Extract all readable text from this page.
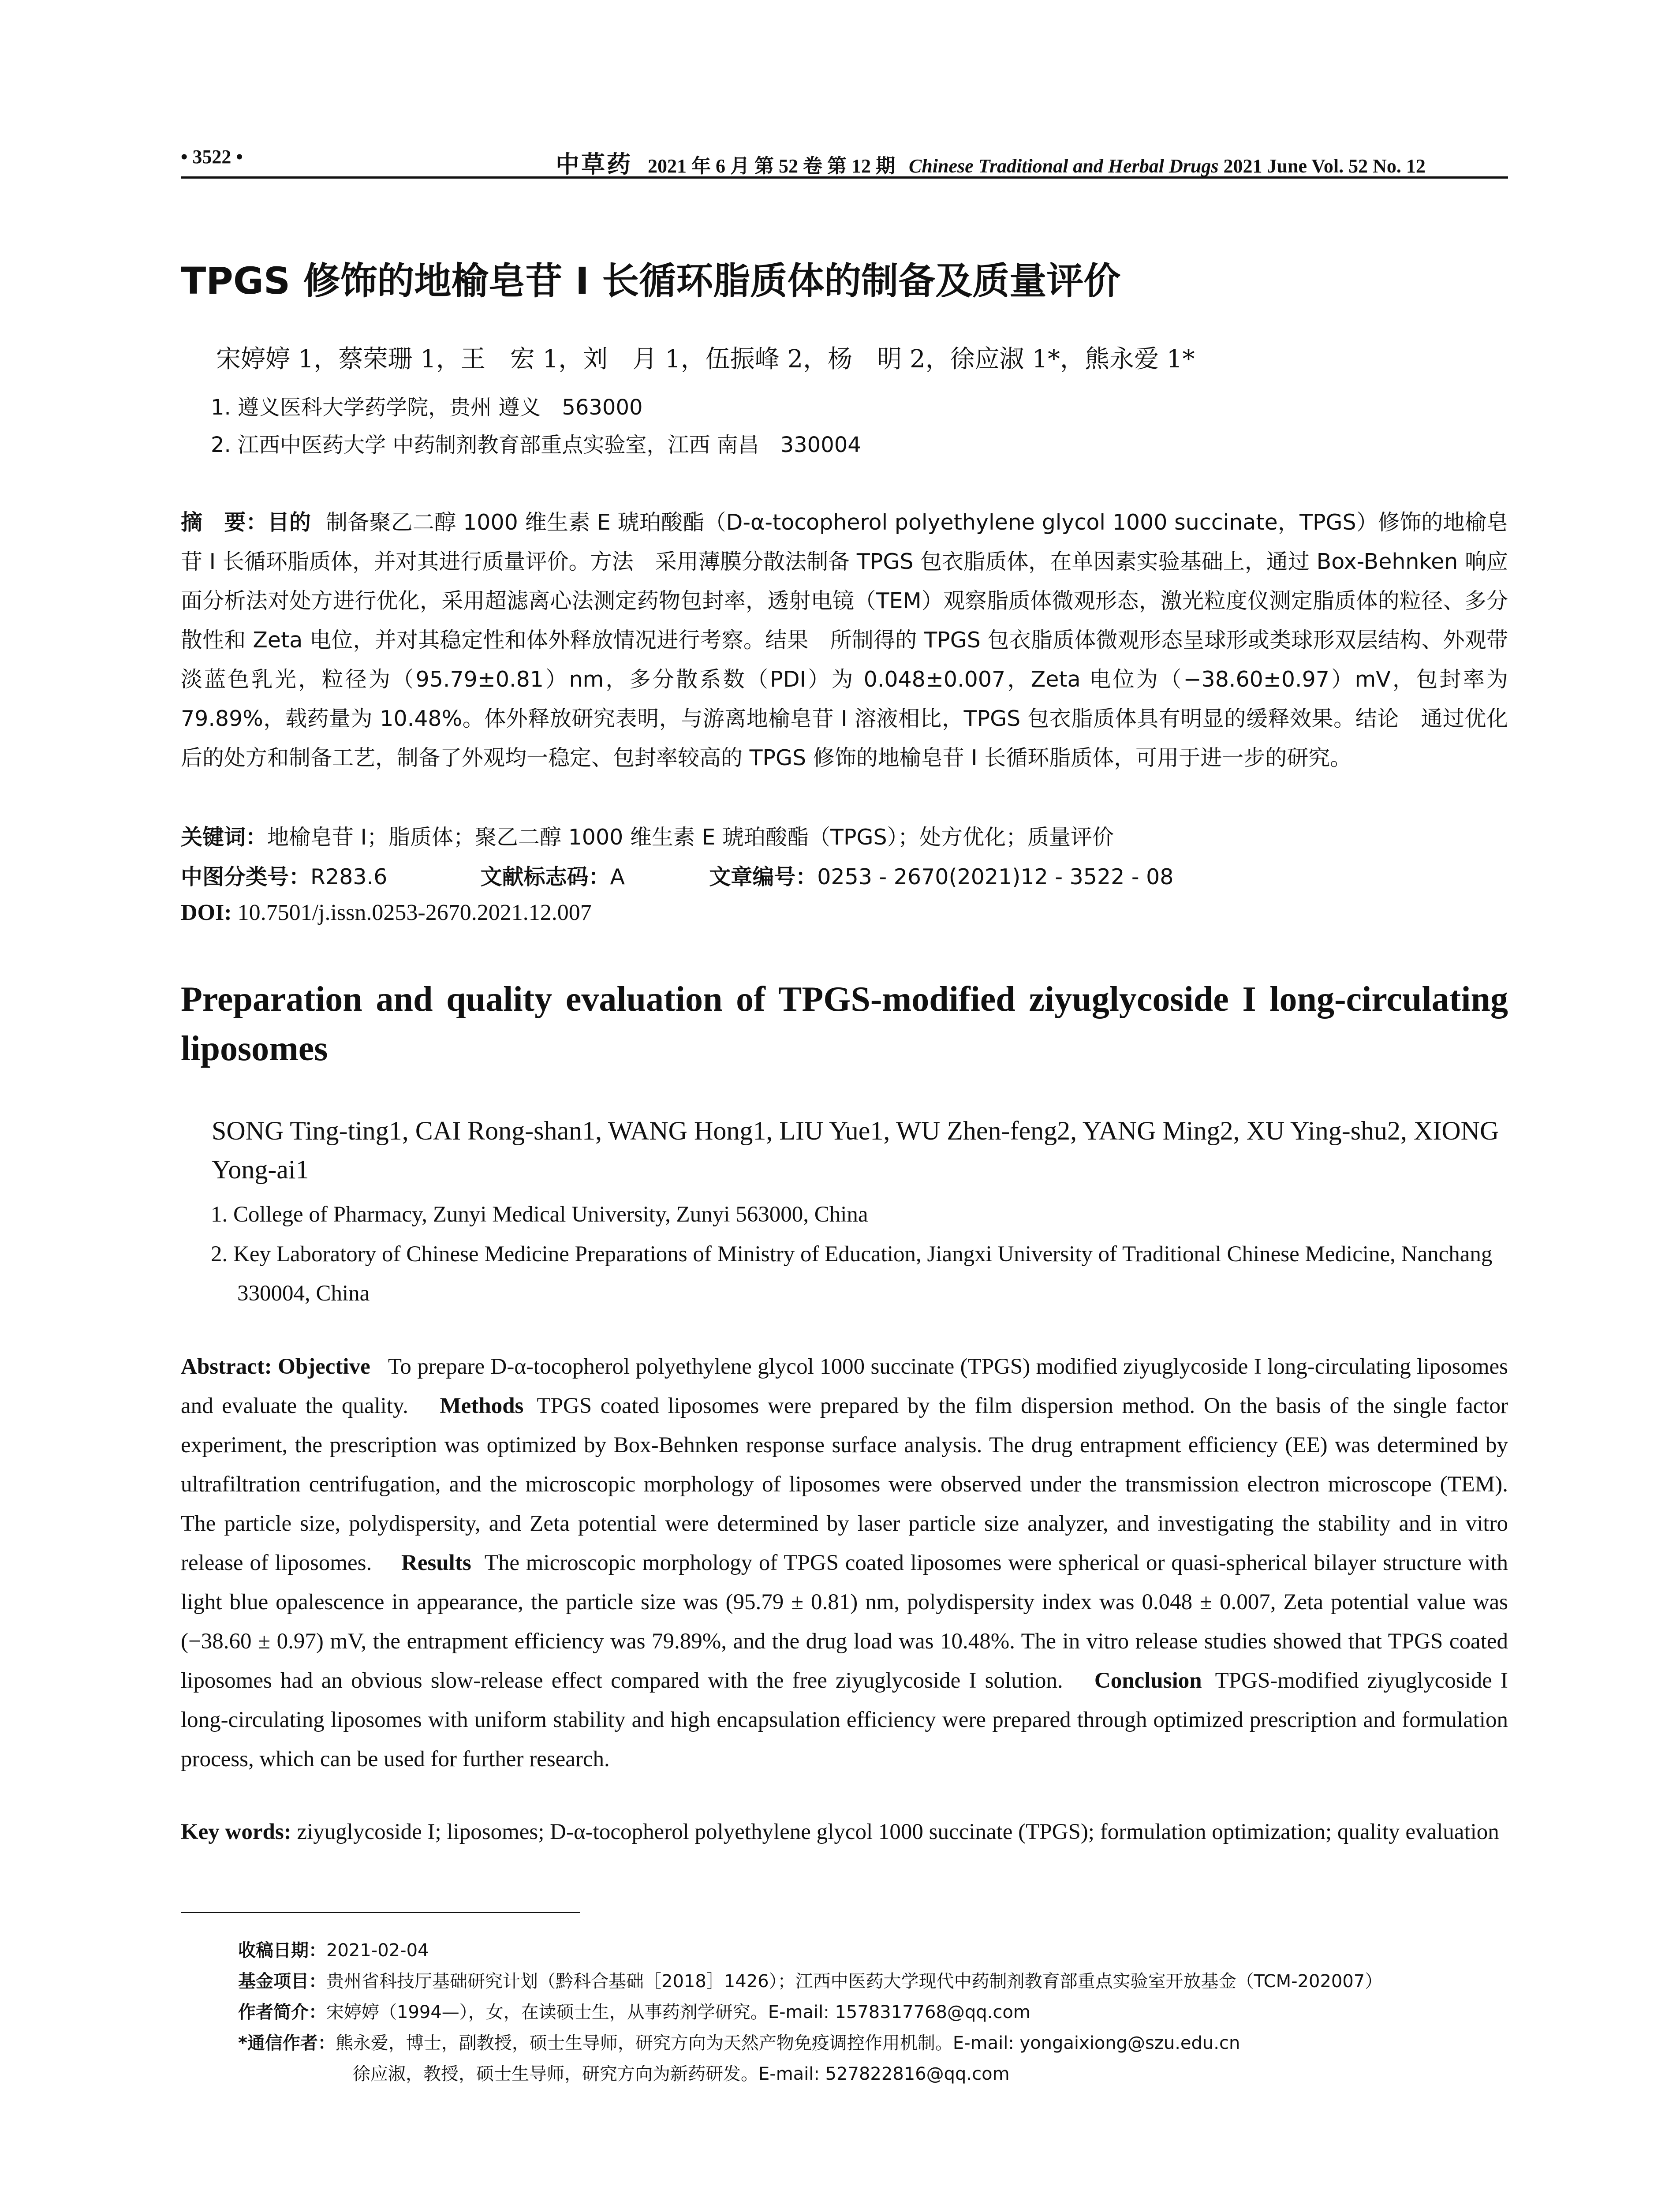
• 3522 •	中草药 2021 年 6 月 第 52 卷 第 12 期 Chinese Traditional and Herbal Drugs 2021 June Vol. 52 No. 12
TPGS 修饰的地榆皂苷 I 长循环脂质体的制备及质量评价
宋婷婷 1，蔡荣珊 1，王　宏 1，刘　月 1，伍振峰 2，杨　明 2，徐应淑 1*，熊永爱 1*
1. 遵义医科大学药学院，贵州 遵义　563000
2. 江西中医药大学 中药制剂教育部重点实验室，江西 南昌　330004
摘　要：目的 制备聚乙二醇 1000 维生素 E 琥珀酸酯（D-α-tocopherol polyethylene glycol 1000 succinate，TPGS）修饰的地榆皂苷 I 长循环脂质体，并对其进行质量评价。方法　采用薄膜分散法制备 TPGS 包衣脂质体，在单因素实验基础上，通过 Box-Behnken 响应面分析法对处方进行优化，采用超滤离心法测定药物包封率，透射电镜（TEM）观察脂质体微观形态，激光粒度仪测定脂质体的粒径、多分散性和 Zeta 电位，并对其稳定性和体外释放情况进行考察。结果　所制得的 TPGS 包衣脂质体微观形态呈球形或类球形双层结构、外观带淡蓝色乳光，粒径为（95.79±0.81）nm，多分散系数（PDI）为 0.048±0.007，Zeta 电位为（−38.60±0.97）mV，包封率为 79.89%，载药量为 10.48%。体外释放研究表明，与游离地榆皂苷 I 溶液相比，TPGS 包衣脂质体具有明显的缓释效果。结论　通过优化后的处方和制备工艺，制备了外观均一稳定、包封率较高的 TPGS 修饰的地榆皂苷 I 长循环脂质体，可用于进一步的研究。
关键词：地榆皂苷 I；脂质体；聚乙二醇 1000 维生素 E 琥珀酸酯（TPGS）；处方优化；质量评价
中图分类号：R283.6	文献标志码：A	文章编号：0253 - 2670(2021)12 - 3522 - 08
DOI: 10.7501/j.issn.0253-2670.2021.12.007
Preparation and quality evaluation of TPGS-modified ziyuglycoside I long-circulating liposomes
SONG Ting-ting1, CAI Rong-shan1, WANG Hong1, LIU Yue1, WU Zhen-feng2, YANG Ming2, XU Ying-shu2, XIONG Yong-ai1
1. College of Pharmacy, Zunyi Medical University, Zunyi 563000, China
2. Key Laboratory of Chinese Medicine Preparations of Ministry of Education, Jiangxi University of Traditional Chinese Medicine, Nanchang 330004, China
Abstract: Objective To prepare D-α-tocopherol polyethylene glycol 1000 succinate (TPGS) modified ziyuglycoside I long-circulating liposomes and evaluate the quality. Methods TPGS coated liposomes were prepared by the film dispersion method. On the basis of the single factor experiment, the prescription was optimized by Box-Behnken response surface analysis. The drug entrapment efficiency (EE) was determined by ultrafiltration centrifugation, and the microscopic morphology of liposomes were observed under the transmission electron microscope (TEM). The particle size, polydispersity, and Zeta potential were determined by laser particle size analyzer, and investigating the stability and in vitro release of liposomes. Results The microscopic morphology of TPGS coated liposomes were spherical or quasi-spherical bilayer structure with light blue opalescence in appearance, the particle size was (95.79 ± 0.81) nm, polydispersity index was 0.048 ± 0.007, Zeta potential value was (−38.60 ± 0.97) mV, the entrapment efficiency was 79.89%, and the drug load was 10.48%. The in vitro release studies showed that TPGS coated liposomes had an obvious slow-release effect compared with the free ziyuglycoside I solution. Conclusion TPGS-modified ziyuglycoside I long-circulating liposomes with uniform stability and high encapsulation efficiency were prepared through optimized prescription and formulation process, which can be used for further research.
Key words: ziyuglycoside I; liposomes; D-α-tocopherol polyethylene glycol 1000 succinate (TPGS); formulation optimization; quality evaluation
收稿日期：2021-02-04
基金项目：贵州省科技厅基础研究计划（黔科合基础［2018］1426）；江西中医药大学现代中药制剂教育部重点实验室开放基金（TCM-202007）
作者简介：宋婷婷（1994—），女，在读硕士生，从事药剂学研究。E-mail: 1578317768@qq.com
*通信作者：熊永爱，博士，副教授，硕士生导师，研究方向为天然产物免疫调控作用机制。E-mail: yongaixiong@szu.edu.cn
徐应淑，教授，硕士生导师，研究方向为新药研发。E-mail: 527822816@qq.com
